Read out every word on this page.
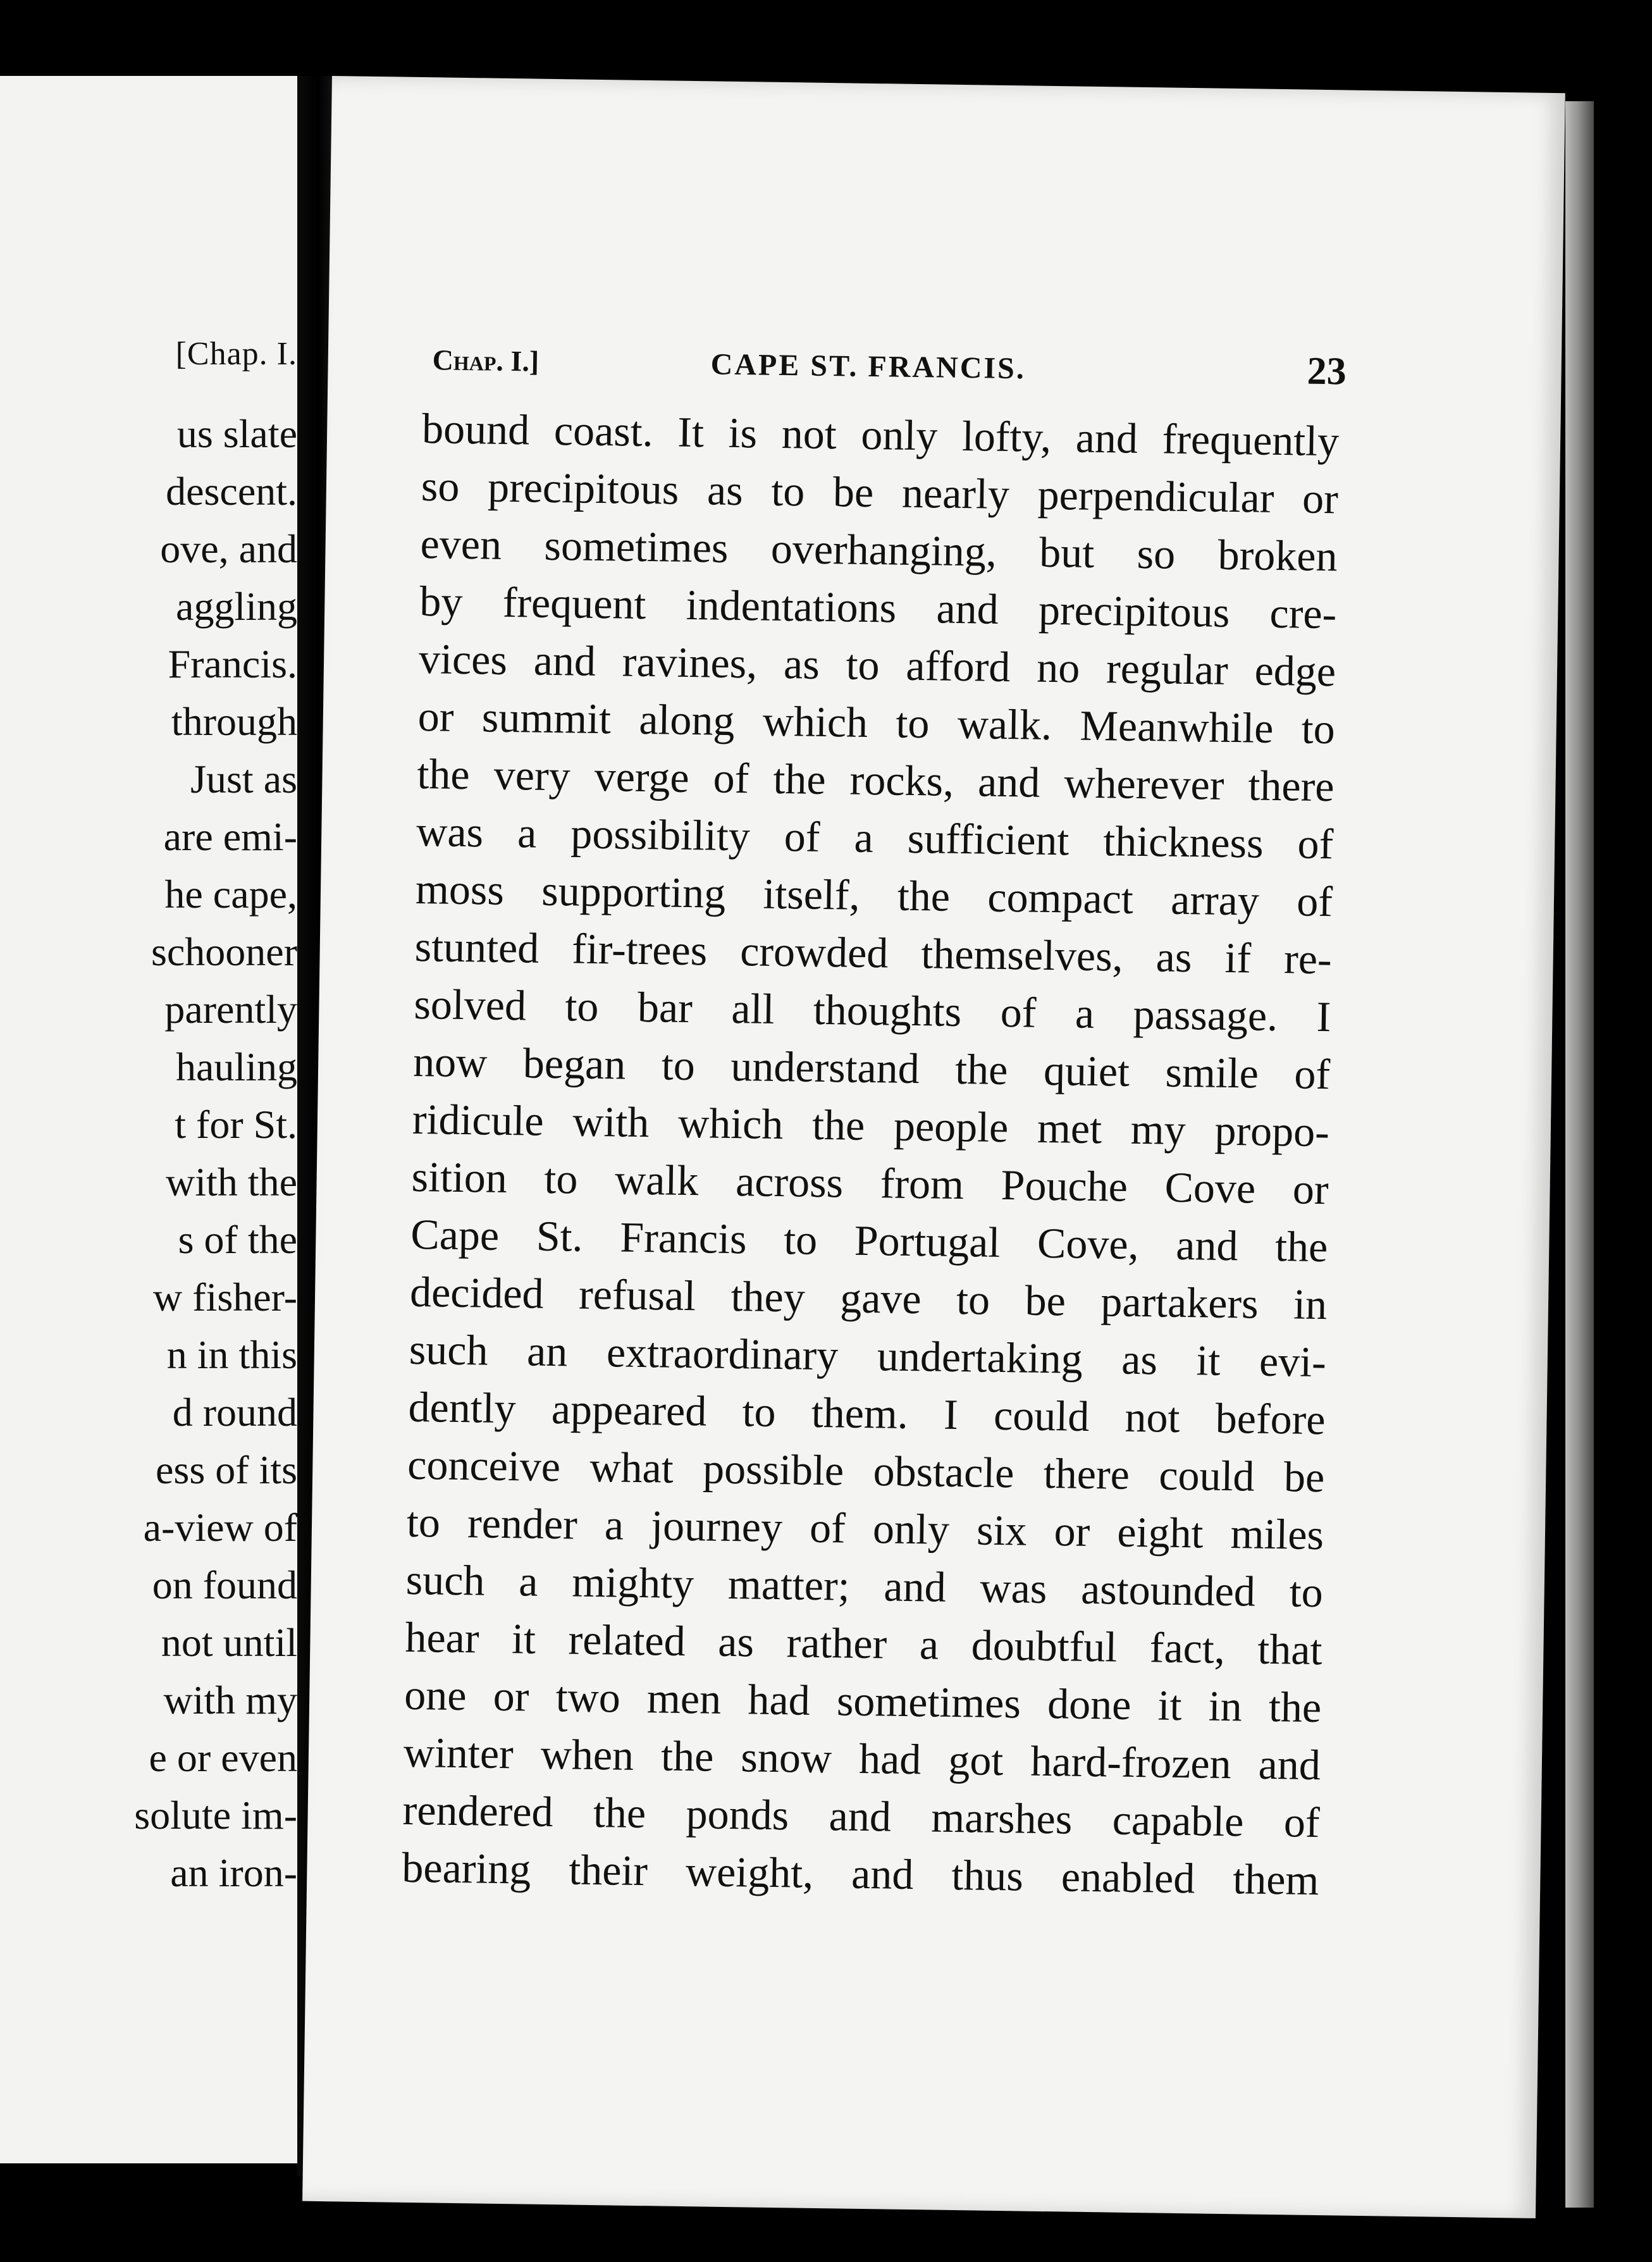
[Chap. I.
us slate
descent.
ove, and
aggling
Francis.
through
Just as
are emi-
he cape,
schooner
parently
hauling
t for St.
with the
s of the
w fisher-
n in this
d round
ess of its
a-view of
on found
not until
with my
e or even
solute im-
an iron-
Chap. I.]	CAPE ST. FRANCIS.	23
bound coast. It is not only lofty, and frequently
so precipitous as to be nearly perpendicular or
even sometimes overhanging, but so broken
by frequent indentations and precipitous cre-
vices and ravines, as to afford no regular edge
or summit along which to walk. Meanwhile to
the very verge of the rocks, and wherever there
was a possibility of a sufficient thickness of
moss supporting itself, the compact array of
stunted fir-trees crowded themselves, as if re-
solved to bar all thoughts of a passage. I
now began to understand the quiet smile of
ridicule with which the people met my propo-
sition to walk across from Pouche Cove or
Cape St. Francis to Portugal Cove, and the
decided refusal they gave to be partakers in
such an extraordinary undertaking as it evi-
dently appeared to them. I could not before
conceive what possible obstacle there could be
to render a journey of only six or eight miles
such a mighty matter; and was astounded to
hear it related as rather a doubtful fact, that
one or two men had sometimes done it in the
winter when the snow had got hard-frozen and
rendered the ponds and marshes capable of
bearing their weight, and thus enabled them
